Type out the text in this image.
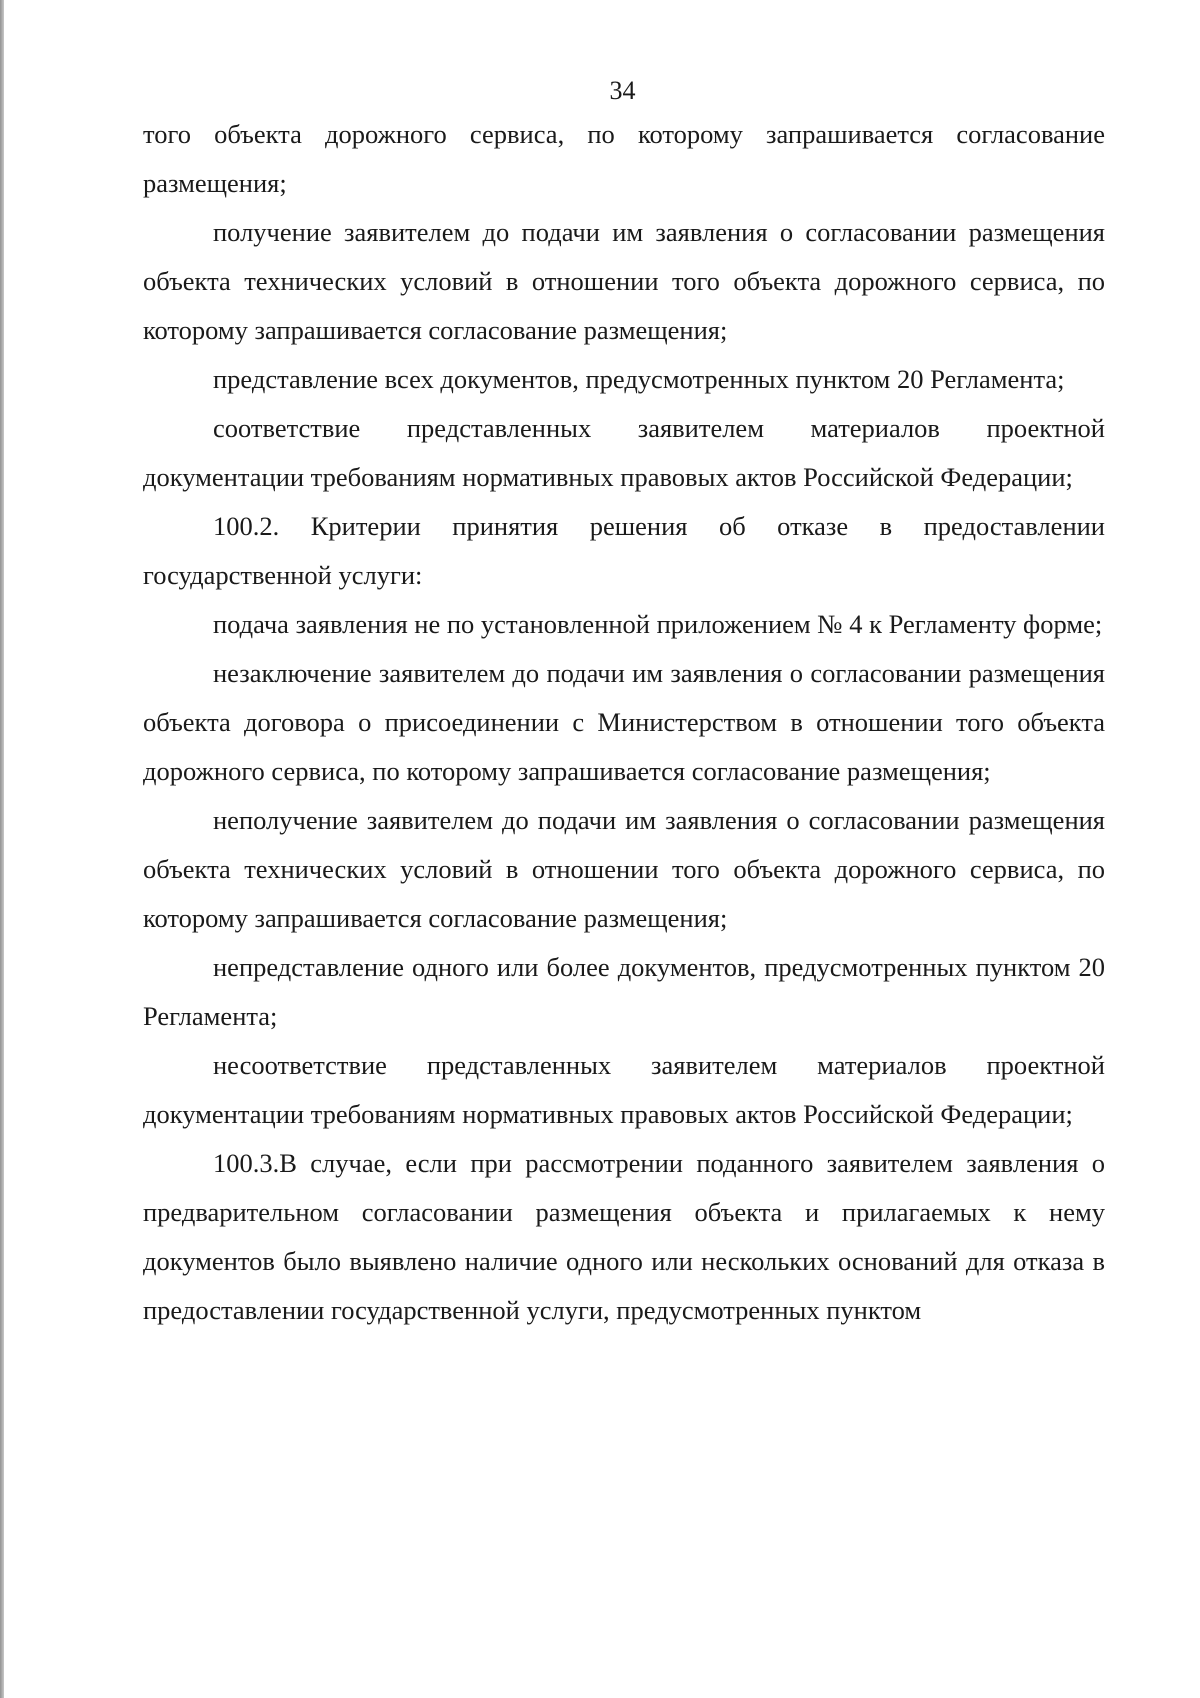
34

того объекта дорожного сервиса, по которому запрашивается согласование размещения;

получение заявителем до подачи им заявления о согласовании размещения объекта технических условий в отношении того объекта дорожного сервиса, по которому запрашивается согласование размещения;

представление всех документов, предусмотренных пунктом 20 Регламента;

соответствие представленных заявителем материалов проектной документации требованиям нормативных правовых актов Российской Федерации;

100.2. Критерии принятия решения об отказе в предоставлении государственной услуги:

подача заявления не по установленной приложением № 4 к Регламенту форме;

незаключение заявителем до подачи им заявления о согласовании размещения объекта договора о присоединении с Министерством в отношении того объекта дорожного сервиса, по которому запрашивается согласование размещения;

неполучение заявителем до подачи им заявления о согласовании размещения объекта технических условий в отношении того объекта дорожного сервиса, по которому запрашивается согласование размещения;

непредставление одного или более документов, предусмотренных пунктом 20 Регламента;

несоответствие представленных заявителем материалов проектной документации требованиям нормативных правовых актов Российской Федерации;

100.3.В случае, если при рассмотрении поданного заявителем заявления о предварительном согласовании размещения объекта и прилагаемых к нему документов было выявлено наличие одного или нескольких оснований для отказа в предоставлении государственной услуги, предусмотренных пунктом
